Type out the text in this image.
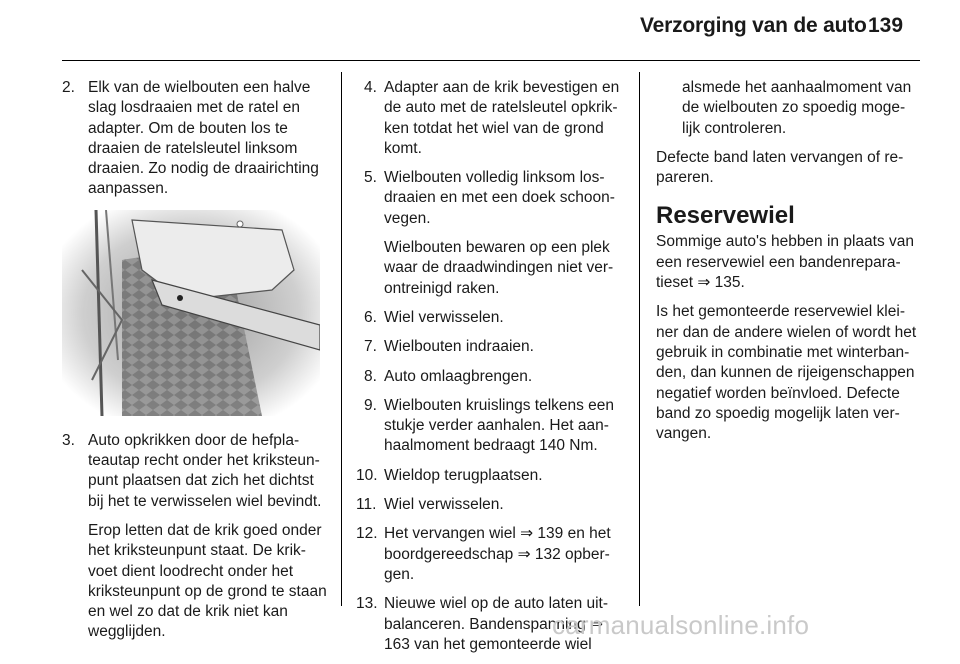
Verzorging van de auto 139
2. Elk van de wielbouten een halve slag losdraaien met de ratel en adapter. Om de bouten los te draaien de ratelsleutel linksom draaien. Zo nodig de draairichting aanpassen.
3. Auto opkrikken door de hefpla-teautap recht onder het kriksteun-punt plaatsen dat zich het dichtst bij het te verwisselen wiel bevindt.
Erop letten dat de krik goed onder het kriksteunpunt staat. De krik-voet dient loodrecht onder het kriksteunpunt op de grond te staan en wel zo dat de krik niet kan wegglijden.
4. Adapter aan de krik bevestigen en de auto met de ratelsleutel opkrik-ken totdat het wiel van de grond komt.
5. Wielbouten volledig linksom los-draaien en met een doek schoon-vegen.
Wielbouten bewaren op een plek waar de draadwindingen niet ver-ontreinigd raken.
6. Wiel verwisselen.
7. Wielbouten indraaien.
8. Auto omlaagbrengen.
9. Wielbouten kruislings telkens een stukje verder aanhalen. Het aan-haalmoment bedraagt 140 Nm.
10. Wieldop terugplaatsen.
11. Wiel verwisselen.
12. Het vervangen wiel ⇒ 139 en het boordgereedschap ⇒ 132 opber-gen.
13. Nieuwe wiel op de auto laten uit-balanceren. Bandenspanning ⇒ 163 van het gemonteerde wiel
alsmede het aanhaalmoment van de wielbouten zo spoedig moge-lijk controleren.

Defecte band laten vervangen of re-pareren.

Reservewiel

Sommige auto's hebben in plaats van een reservewiel een bandenrepara-tieset ⇒ 135.

Is het gemonteerde reservewiel klei-ner dan de andere wielen of wordt het gebruik in combinatie met winterban-den, dan kunnen de rijeigenschappen negatief worden beïnvloed. Defecte band zo spoedig mogelijk laten ver-vangen.

carmanualsonline.info
